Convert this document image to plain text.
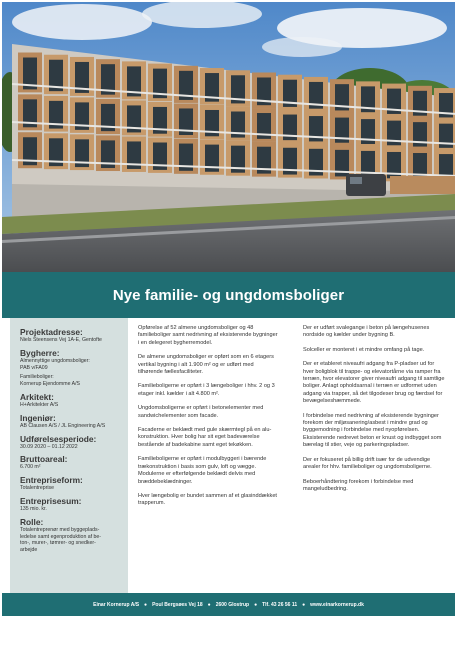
Nye familie- og ungdomsboliger
Projektadresse:
Niels Steensens Vej 1A-E, Gentofte
Bygherre:
Almennyttige ungdomsboliger:
PAB v/FA09
Familieboliger:
Kornerup Ejendomme A/S
Arkitekt:
H+Arkitekter A/S
Ingeniør:
AB Clausen A/S / JL Engineering A/S
Udførelsesperiode:
30.09 2020 – 01.12 2022
Bruttoareal:
6.700 m²
Entrepriseform:
Totalentreprise
Entreprisesum:
135 mio. kr.
Rolle:
Totalentreprenør med byggeplads-
ledelse samt egenproduktion af be-
ton-, murer-, tømrer- og snedker-
arbejde

Opførelse af 52 almene ungdomsboliger og 48 familieboliger samt nedrivning af eksisterende bygninger i en delegeret bygherremodel.

De almene ungdomsboliger er opført som en 6 etagers vertikal bygning i alt 1.900 m² og er udført med tilhørende fællesfaciliteter.

Familieboligerne er opført i 3 længeboliger i hhv. 2 og 3 etager inkl. kælder i alt 4.800 m².

Ungdomsboligerne er opført i betonelementer med sandwichelementer som facade.

Facaderne er beklædt med gule skærmtegl på en alu-konstruktion. Hver bolig har sit eget badeværelse bestående af badekabine samt eget tekøkken.

Familieboligerne er opført i modulbyggeri i bærende trækonstruktion i basis som gulv, loft og vægge. Modulerne er efterfølgende beklædt delvis med bræddebeklædninger.

Hver længebolig er bundet sammen af et glasinddækket trapperum.

Der er udført svalegange i beton på længehusenes nordside og kælder under bygning B.

Solceller er monteret i et mindre omfang på tage.

Der er etableret niveaufri adgang fra P-pladser ud for hver boligblok til trappe- og elevatortårne via ramper fra terræn, hvor elevatorer giver niveaufri adgang til samtlige boliger. Anlagt opholdsarnal i terræn er udformet uden adgang via trapper, så det tilgodeser brug og færdsel for bevægelseshæmmede.

I forbindelse med nedrivning af eksisterende bygninger forekom der miljøsanering/asbest i mindre grad og byggemodning i forbindelse med nyopførelsen. Eksisterende nedrevet beton er knust og indbygget som bærelag til stier, veje og parkeringspladser.

Der er fokuseret på billig drift især for de udvendige arealer for hhv. familieboliger og ungdomsboligerne.

Beboerhåndtering forekom i forbindelse med mangeludbedring.

Einar Kornerup A/S ● Poul Bergsøes Vej 18 ● 2600 Glostrup ● Tlf. 43 26 56 11 ● www.einarkornerup.dk
